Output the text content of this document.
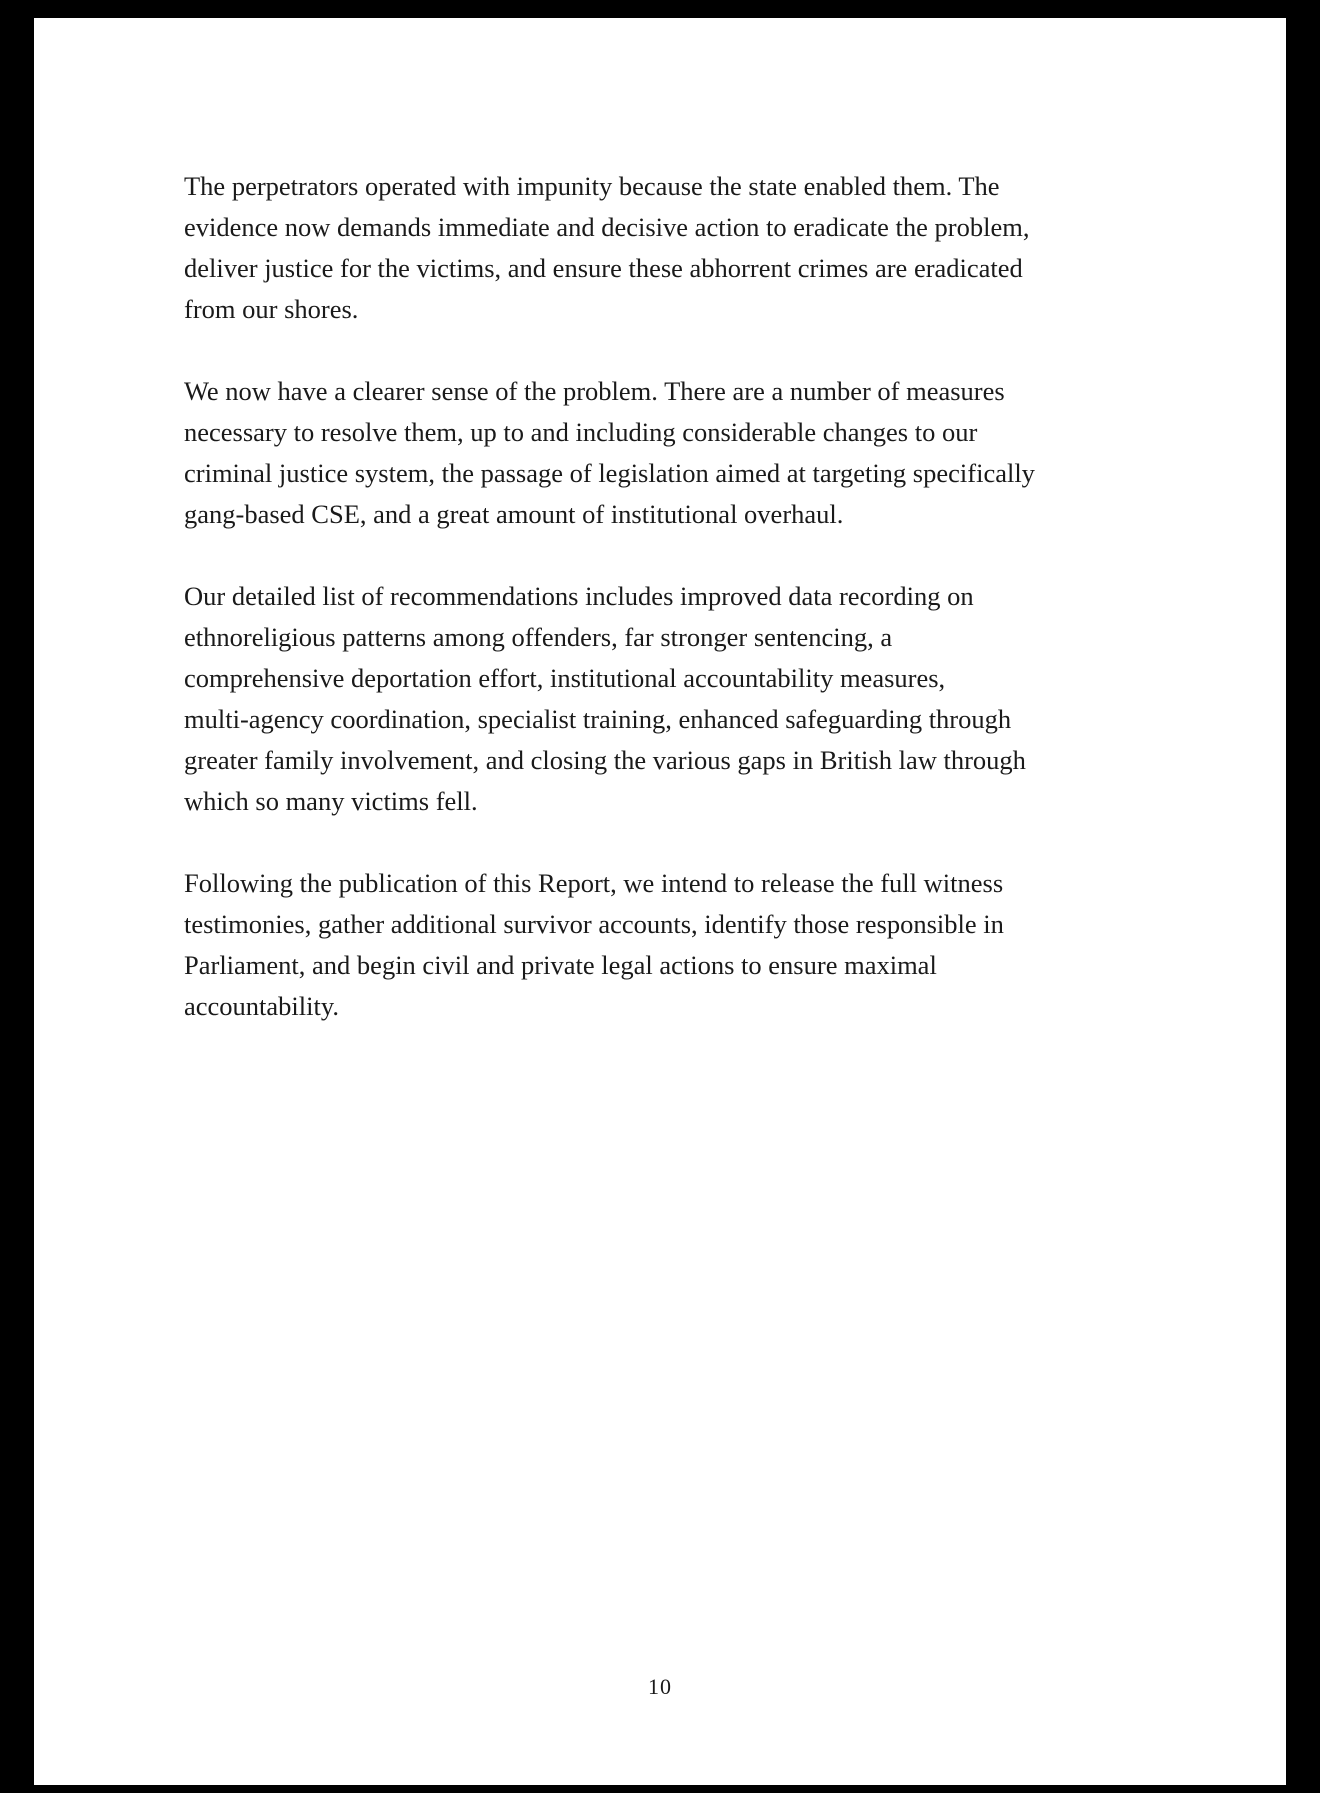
The perpetrators operated with impunity because the state enabled them. The
evidence now demands immediate and decisive action to eradicate the problem,
deliver justice for the victims, and ensure these abhorrent crimes are eradicated
from our shores.

We now have a clearer sense of the problem. There are a number of measures
necessary to resolve them, up to and including considerable changes to our
criminal justice system, the passage of legislation aimed at targeting specifically
gang-based CSE, and a great amount of institutional overhaul.

Our detailed list of recommendations includes improved data recording on
ethnoreligious patterns among offenders, far stronger sentencing, a
comprehensive deportation effort, institutional accountability measures,
multi-agency coordination, specialist training, enhanced safeguarding through
greater family involvement, and closing the various gaps in British law through
which so many victims fell.

Following the publication of this Report, we intend to release the full witness
testimonies, gather additional survivor accounts, identify those responsible in
Parliament, and begin civil and private legal actions to ensure maximal
accountability.

10
